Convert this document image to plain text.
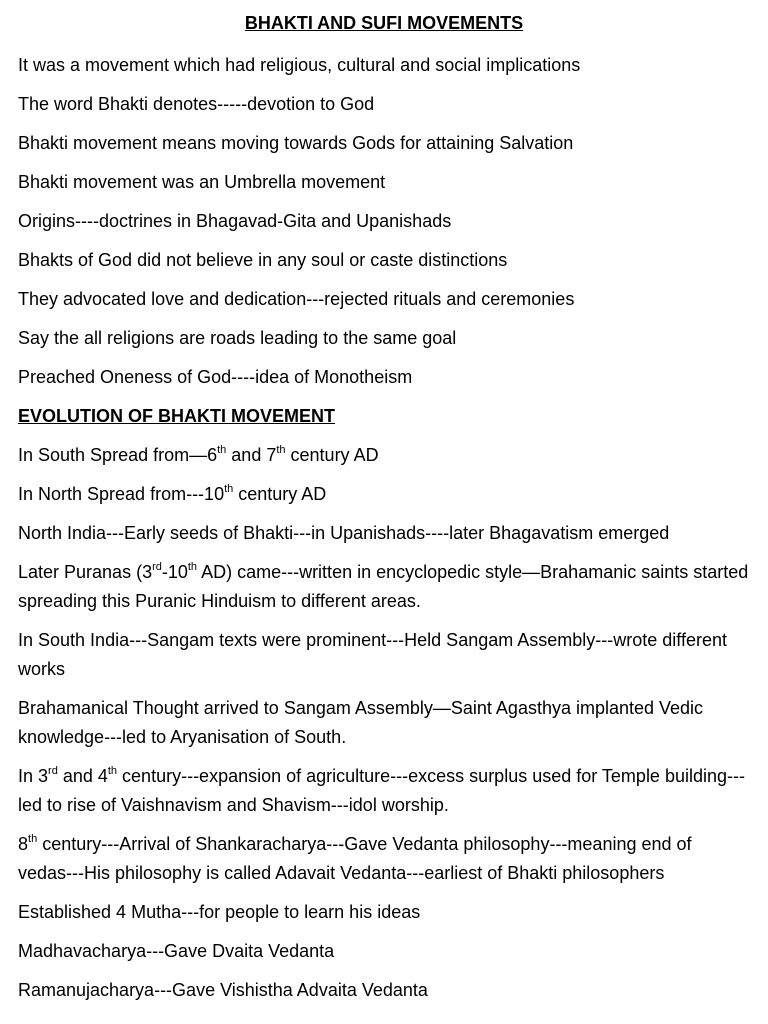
BHAKTI AND SUFI MOVEMENTS
It was a movement which had religious, cultural and social implications
The word Bhakti denotes-----devotion to God
Bhakti movement means moving towards Gods for attaining Salvation
Bhakti movement was an Umbrella movement
Origins----doctrines in Bhagavad-Gita and Upanishads
Bhakts of God did not believe in any soul or caste distinctions
They advocated love and dedication---rejected rituals and ceremonies
Say the all religions are roads leading to the same goal
Preached Oneness of God----idea of Monotheism
EVOLUTION OF BHAKTI MOVEMENT
In South Spread from—6th and 7th century AD
In North Spread from---10th century AD
North India---Early seeds of Bhakti---in Upanishads----later Bhagavatism emerged
Later Puranas (3rd-10th AD) came---written in encyclopedic style—Brahamanic saints started spreading this Puranic Hinduism to different areas.
In South India---Sangam texts were prominent---Held Sangam Assembly---wrote different works
Brahamanical Thought arrived to Sangam Assembly—Saint Agasthya implanted Vedic knowledge---led to Aryanisation of South.
In 3rd and 4th century---expansion of agriculture---excess surplus used for Temple building---led to rise of Vaishnavism and Shavism---idol worship.
8th century---Arrival of Shankaracharya---Gave Vedanta philosophy---meaning end of vedas---His philosophy is called Adavait Vedanta---earliest of Bhakti philosophers
Established 4 Mutha---for people to learn his ideas
Madhavacharya---Gave Dvaita Vedanta
Ramanujacharya---Gave Vishistha Advaita Vedanta
